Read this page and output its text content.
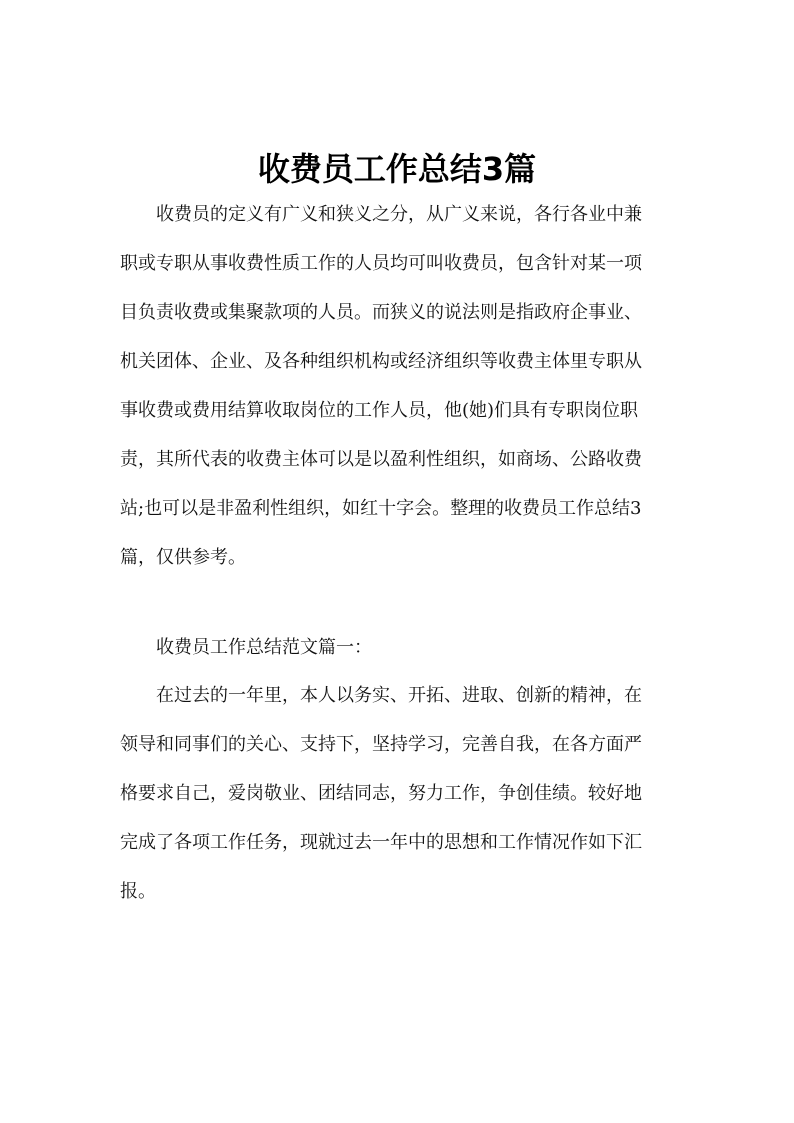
收费员工作总结3篇
收费员的定义有广义和狭义之分，从广义来说，各行各业中兼
职或专职从事收费性质工作的人员均可叫收费员，包含针对某一项
目负责收费或集聚款项的人员。而狭义的说法则是指政府企事业、
机关团体、企业、及各种组织机构或经济组织等收费主体里专职从
事收费或费用结算收取岗位的工作人员，他(她)们具有专职岗位职
责，其所代表的收费主体可以是以盈利性组织，如商场、公路收费
站;也可以是非盈利性组织，如红十字会。整理的收费员工作总结3
篇，仅供参考。
收费员工作总结范文篇一：
在过去的一年里，本人以务实、开拓、进取、创新的精神，在
领导和同事们的关心、支持下，坚持学习，完善自我，在各方面严
格要求自己，爱岗敬业、团结同志，努力工作，争创佳绩。较好地
完成了各项工作任务，现就过去一年中的思想和工作情况作如下汇
报。
